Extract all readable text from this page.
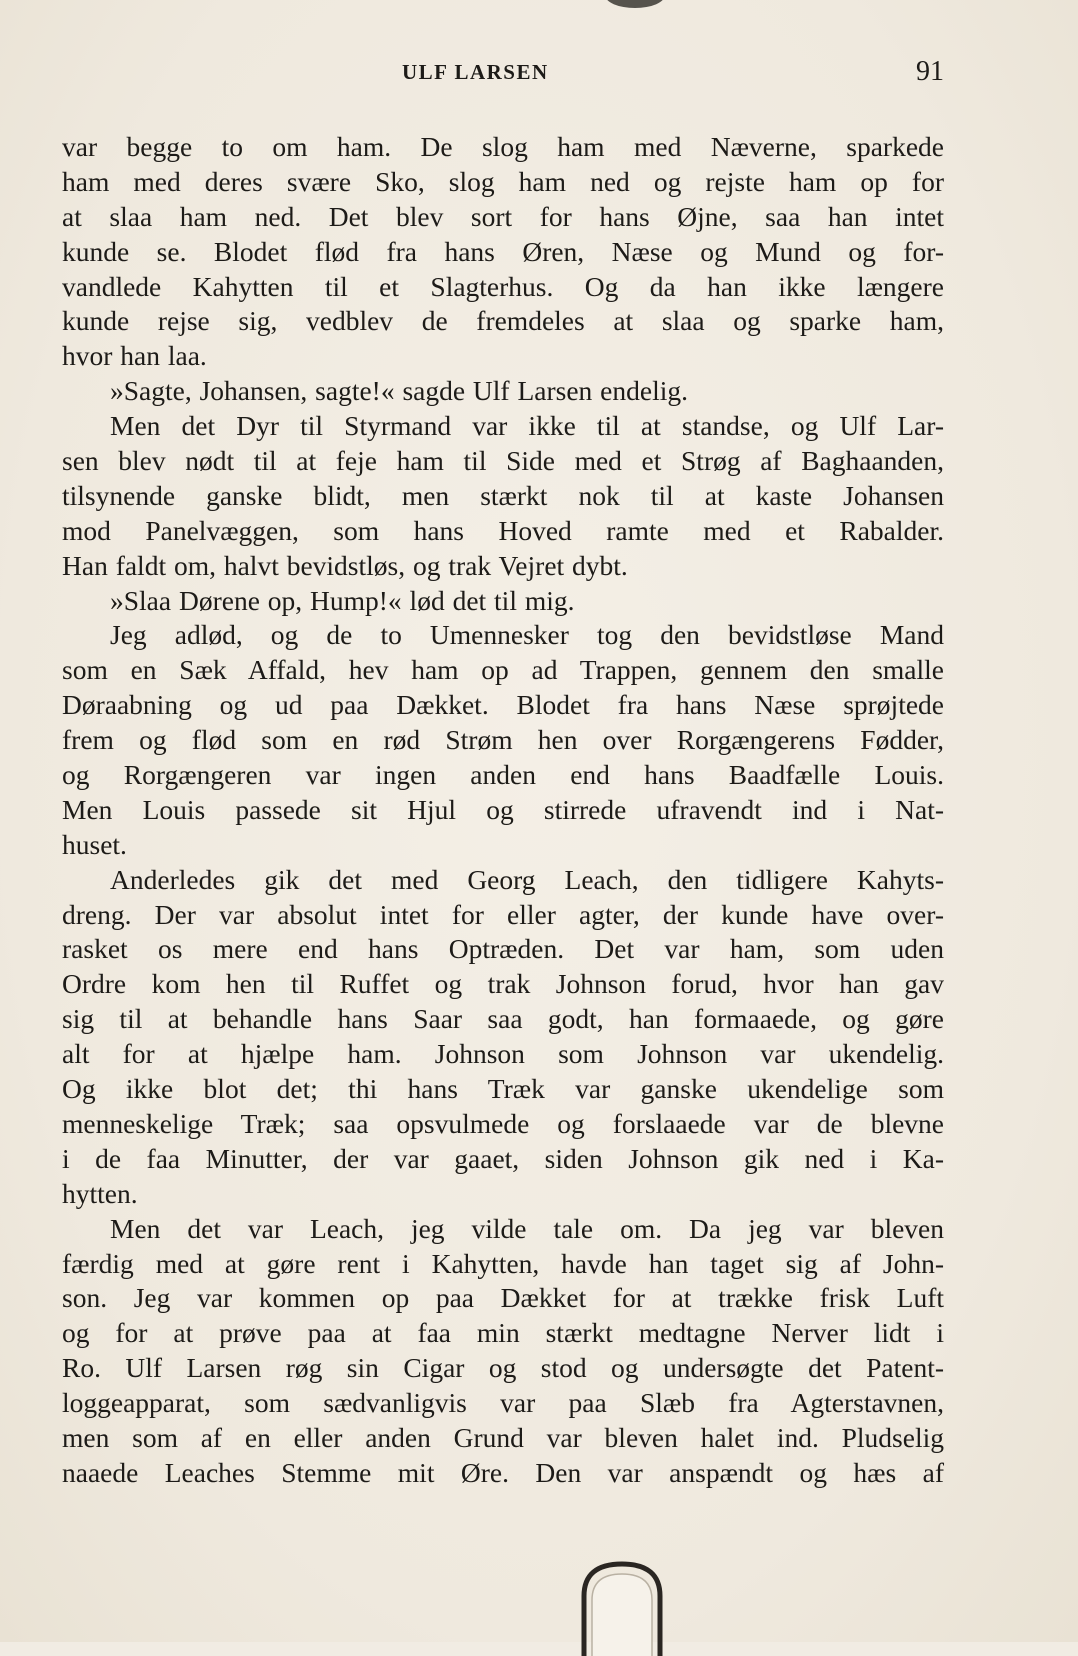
ULF LARSEN	91
var begge to om ham. De slog ham med Næverne, sparkede
ham med deres svære Sko, slog ham ned og rejste ham op for
at slaa ham ned. Det blev sort for hans Øjne, saa han intet
kunde se. Blodet flød fra hans Øren, Næse og Mund og for-
vandlede Kahytten til et Slagterhus. Og da han ikke længere
kunde rejse sig, vedblev de fremdeles at slaa og sparke ham,
hvor han laa.
»Sagte, Johansen, sagte!« sagde Ulf Larsen endelig.
Men det Dyr til Styrmand var ikke til at standse, og Ulf Lar-
sen blev nødt til at feje ham til Side med et Strøg af Baghaanden,
tilsynende ganske blidt, men stærkt nok til at kaste Johansen
mod Panelvæggen, som hans Hoved ramte med et Rabalder.
Han faldt om, halvt bevidstløs, og trak Vejret dybt.
»Slaa Dørene op, Hump!« lød det til mig.
Jeg adlød, og de to Umennesker tog den bevidstløse Mand
som en Sæk Affald, hev ham op ad Trappen, gennem den smalle
Døraabning og ud paa Dækket. Blodet fra hans Næse sprøjtede
frem og flød som en rød Strøm hen over Rorgængerens Fødder,
og Rorgængeren var ingen anden end hans Baadfælle Louis.
Men Louis passede sit Hjul og stirrede ufravendt ind i Nat-
huset.
Anderledes gik det med Georg Leach, den tidligere Kahyts-
dreng. Der var absolut intet for eller agter, der kunde have over-
rasket os mere end hans Optræden. Det var ham, som uden
Ordre kom hen til Ruffet og trak Johnson forud, hvor han gav
sig til at behandle hans Saar saa godt, han formaaede, og gøre
alt for at hjælpe ham. Johnson som Johnson var ukendelig.
Og ikke blot det; thi hans Træk var ganske ukendelige som
menneskelige Træk; saa opsvulmede og forslaaede var de blevne
i de faa Minutter, der var gaaet, siden Johnson gik ned i Ka-
hytten.
Men det var Leach, jeg vilde tale om. Da jeg var bleven
færdig med at gøre rent i Kahytten, havde han taget sig af John-
son. Jeg var kommen op paa Dækket for at trække frisk Luft
og for at prøve paa at faa min stærkt medtagne Nerver lidt i
Ro. Ulf Larsen røg sin Cigar og stod og undersøgte det Patent-
loggeapparat, som sædvanligvis var paa Slæb fra Agterstavnen,
men som af en eller anden Grund var bleven halet ind. Pludselig
naaede Leaches Stemme mit Øre. Den var anspændt og hæs af
